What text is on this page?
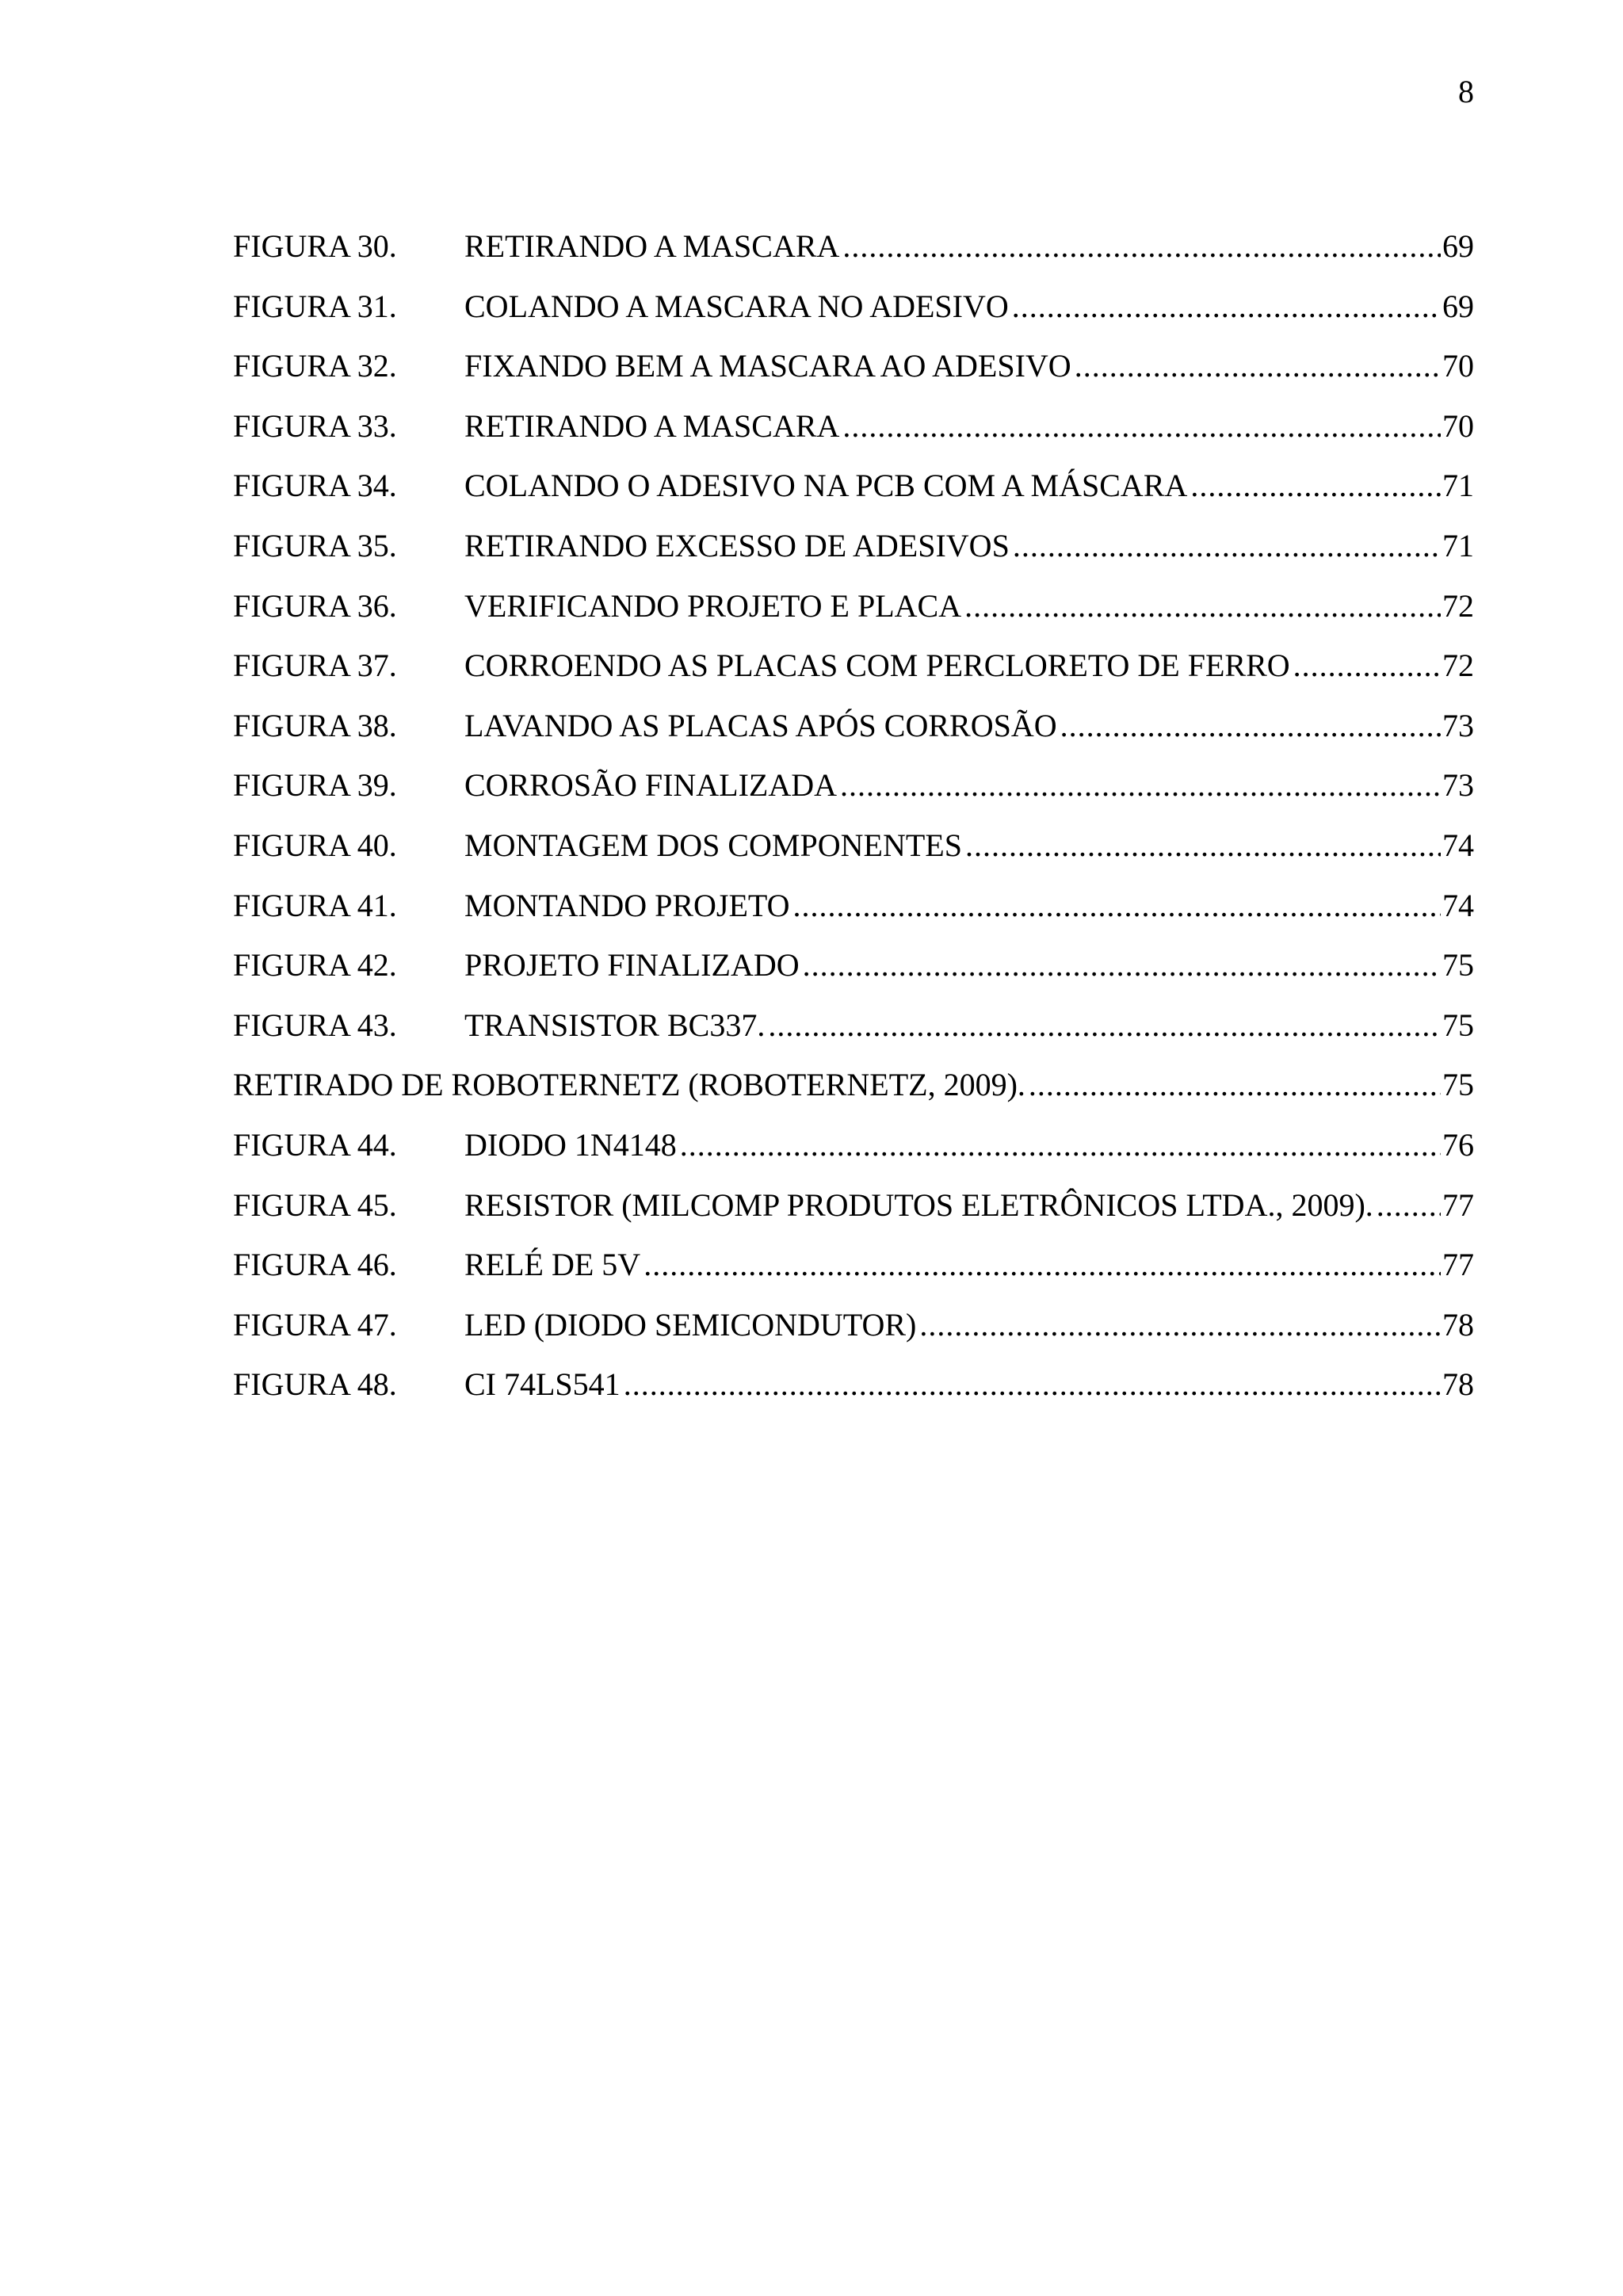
8
FIGURA 30.	RETIRANDO A MASCARA .....	69
FIGURA 31.	COLANDO A MASCARA NO ADESIVO .....	69
FIGURA 32.	FIXANDO BEM A MASCARA AO ADESIVO .....	70
FIGURA 33.	RETIRANDO A MASCARA .....	70
FIGURA 34.	COLANDO O ADESIVO NA PCB COM A MÁSCARA .....	71
FIGURA 35.	RETIRANDO EXCESSO DE ADESIVOS .....	71
FIGURA 36.	VERIFICANDO PROJETO E PLACA .....	72
FIGURA 37.	CORROENDO AS PLACAS COM PERCLORETO DE FERRO .....	72
FIGURA 38.	LAVANDO AS PLACAS APÓS CORROSÃO .....	73
FIGURA 39.	CORROSÃO FINALIZADA .....	73
FIGURA 40.	MONTAGEM DOS COMPONENTES .....	74
FIGURA 41.	MONTANDO PROJETO .....	74
FIGURA 42.	PROJETO FINALIZADO .....	75
FIGURA 43.	TRANSISTOR BC337. .....	75
RETIRADO DE ROBOTERNETZ (ROBOTERNETZ, 2009). .....	75
FIGURA 44.	DIODO 1N4148 .....	76
FIGURA 45.	RESISTOR (MILCOMP PRODUTOS ELETRÔNICOS LTDA., 2009). ..... 77
FIGURA 46.	RELÉ DE 5V .....	77
FIGURA 47.	LED (DIODO SEMICONDUTOR) .....	78
FIGURA 48.	CI 74LS541 .....	78
